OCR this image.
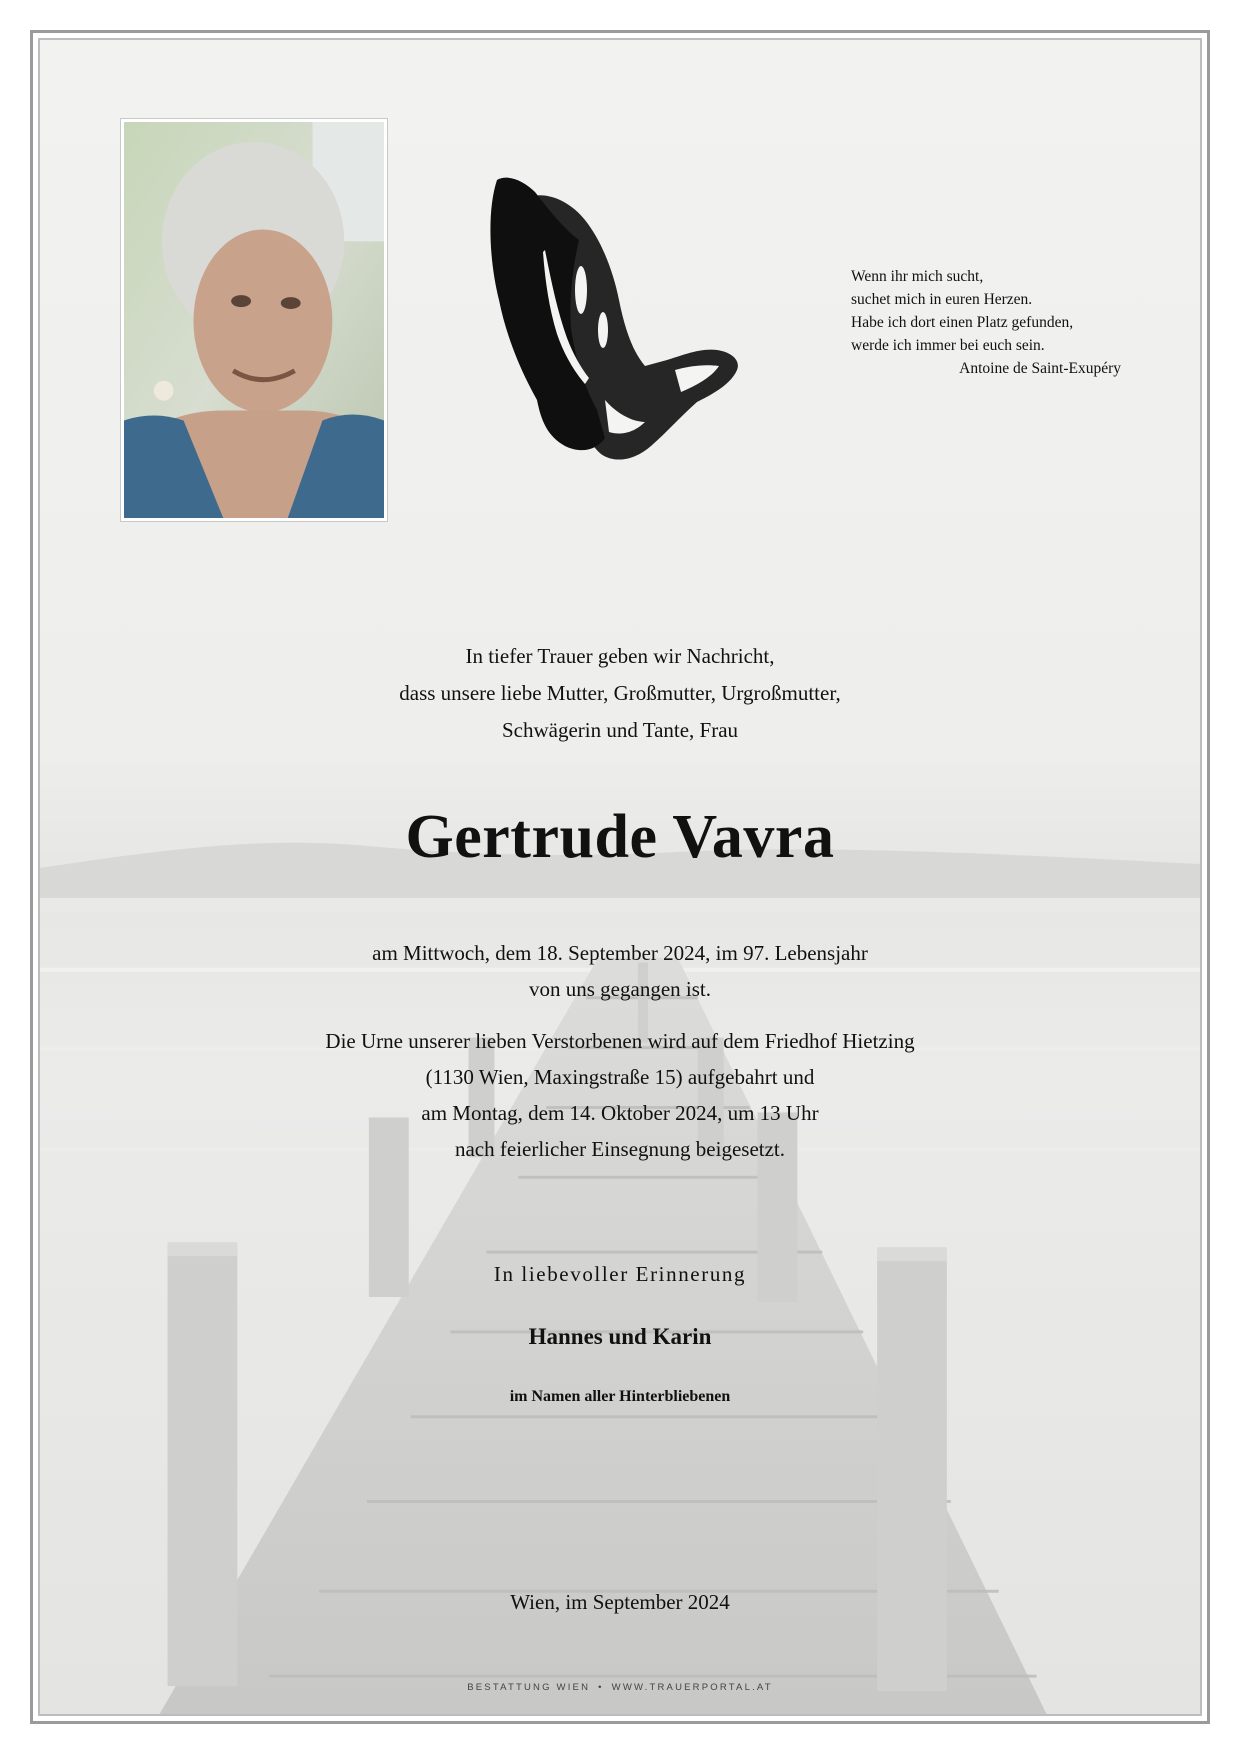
Wenn ihr mich sucht,
suchet mich in euren Herzen.
Habe ich dort einen Platz gefunden,
werde ich immer bei euch sein.
Antoine de Saint-Exupéry
In tiefer Trauer geben wir Nachricht,
dass unsere liebe Mutter, Großmutter, Urgroßmutter,
Schwägerin und Tante, Frau
Gertrude Vavra
am Mittwoch, dem 18. September 2024, im 97. Lebensjahr
von uns gegangen ist.
Die Urne unserer lieben Verstorbenen wird auf dem Friedhof Hietzing
(1130 Wien, Maxingstraße 15) aufgebahrt und
am Montag, dem 14. Oktober 2024, um 13 Uhr
nach feierlicher Einsegnung beigesetzt.
In liebevoller Erinnerung
Hannes und Karin
im Namen aller Hinterbliebenen
Wien, im September 2024
BESTATTUNG WIEN • WWW.TRAUERPORTAL.AT
